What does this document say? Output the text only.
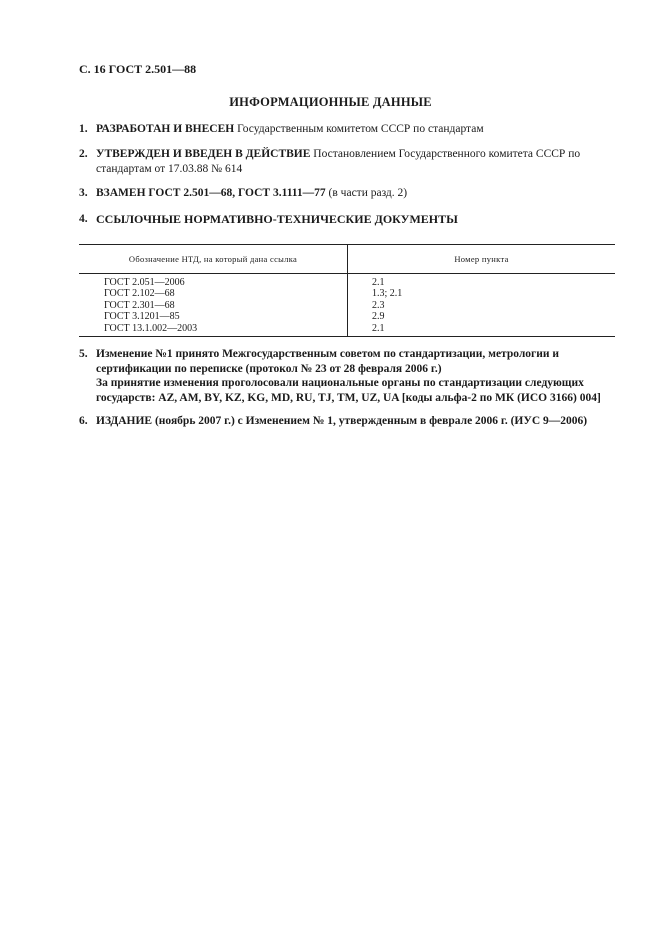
С. 16 ГОСТ 2.501—88
ИНФОРМАЦИОННЫЕ ДАННЫЕ
1. РАЗРАБОТАН И ВНЕСЕН Государственным комитетом СССР по стандартам
2. УТВЕРЖДЕН И ВВЕДЕН В ДЕЙСТВИЕ Постановлением Государственного комитета СССР по стандартам от 17.03.88 № 614
3. ВЗАМЕН ГОСТ 2.501—68, ГОСТ 3.1111—77 (в части разд. 2)
4. ССЫЛОЧНЫЕ НОРМАТИВНО-ТЕХНИЧЕСКИЕ ДОКУМЕНТЫ
Обозначение НТД, на который дана ссылка	Номер пункта
ГОСТ 2.051—2006
ГОСТ 2.102—68
ГОСТ 2.301—68
ГОСТ 3.1201—85
ГОСТ 13.1.002—2003
2.1
1.3; 2.1
2.3
2.9
2.1
5. Изменение №1 принято Межгосударственным советом по стандартизации, метрологии и сертификации по переписке (протокол № 23 от 28 февраля 2006 г.)
За принятие изменения проголосовали национальные органы по стандартизации следующих государств: AZ, AM, BY, KZ, KG, MD, RU, TJ, TM, UZ, UA [коды альфа-2 по МК (ИСО 3166) 004]
6. ИЗДАНИЕ (ноябрь 2007 г.) с Изменением № 1, утвержденным в феврале 2006 г. (ИУС 9—2006)
